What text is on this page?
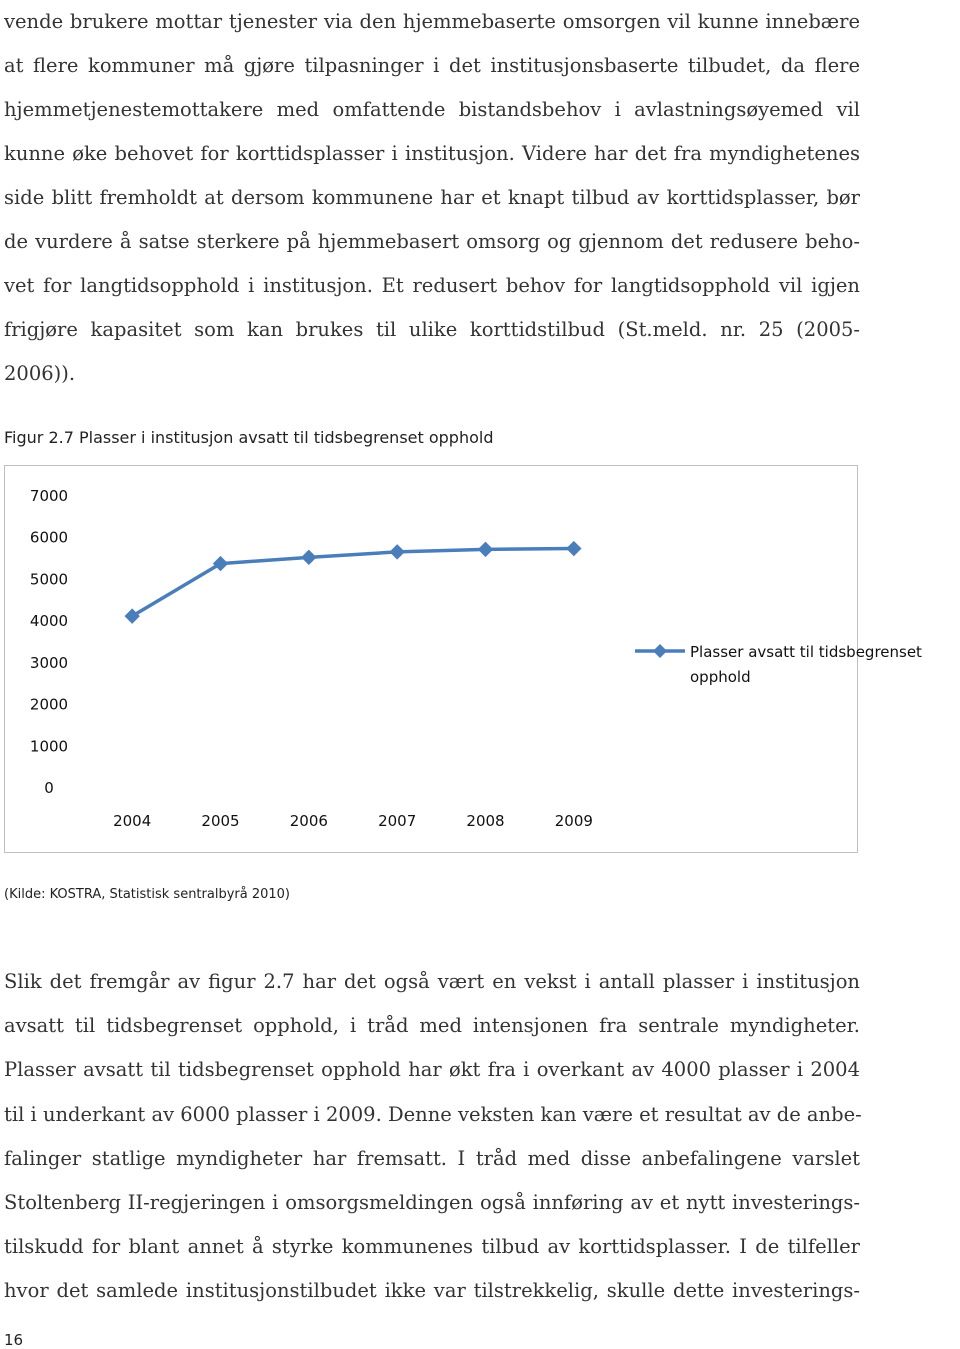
vende brukere mottar tjenester via den hjemmebaserte omsorgen vil kunne innebære
at flere kommuner må gjøre tilpasninger i det institusjonsbaserte tilbudet, da flere
hjemmetjenestemottakere med omfattende bistandsbehov i avlastningsøyemed vil
kunne øke behovet for korttidsplasser i institusjon. Videre har det fra myndighetenes
side blitt fremholdt at dersom kommunene har et knapt tilbud av korttidsplasser, bør
de vurdere å satse sterkere på hjemmebasert omsorg og gjennom det redusere beho-
vet for langtidsopphold i institusjon. Et redusert behov for langtidsopphold vil igjen
frigjøre kapasitet som kan brukes til ulike korttidstilbud (St.meld. nr. 25 (2005-
2006)).
Figur 2.7 Plasser i institusjon avsatt til tidsbegrenset opphold
0
1000
2000
3000
4000
5000
6000
7000
2004	2005	2006	2007	2008	2009
Plasser avsatt til tidsbegrenset
opphold
(Kilde: KOSTRA, Statistisk sentralbyrå 2010)
Slik det fremgår av figur 2.7 har det også vært en vekst i antall plasser i institusjon
avsatt til tidsbegrenset opphold, i tråd med intensjonen fra sentrale myndigheter.
Plasser avsatt til tidsbegrenset opphold har økt fra i overkant av 4000 plasser i 2004
til i underkant av 6000 plasser i 2009. Denne veksten kan være et resultat av de anbe-
falinger statlige myndigheter har fremsatt. I tråd med disse anbefalingene varslet
Stoltenberg II-regjeringen i omsorgsmeldingen også innføring av et nytt investerings-
tilskudd for blant annet å styrke kommunenes tilbud av korttidsplasser. I de tilfeller
hvor det samlede institusjonstilbudet ikke var tilstrekkelig, skulle dette investerings-
16
